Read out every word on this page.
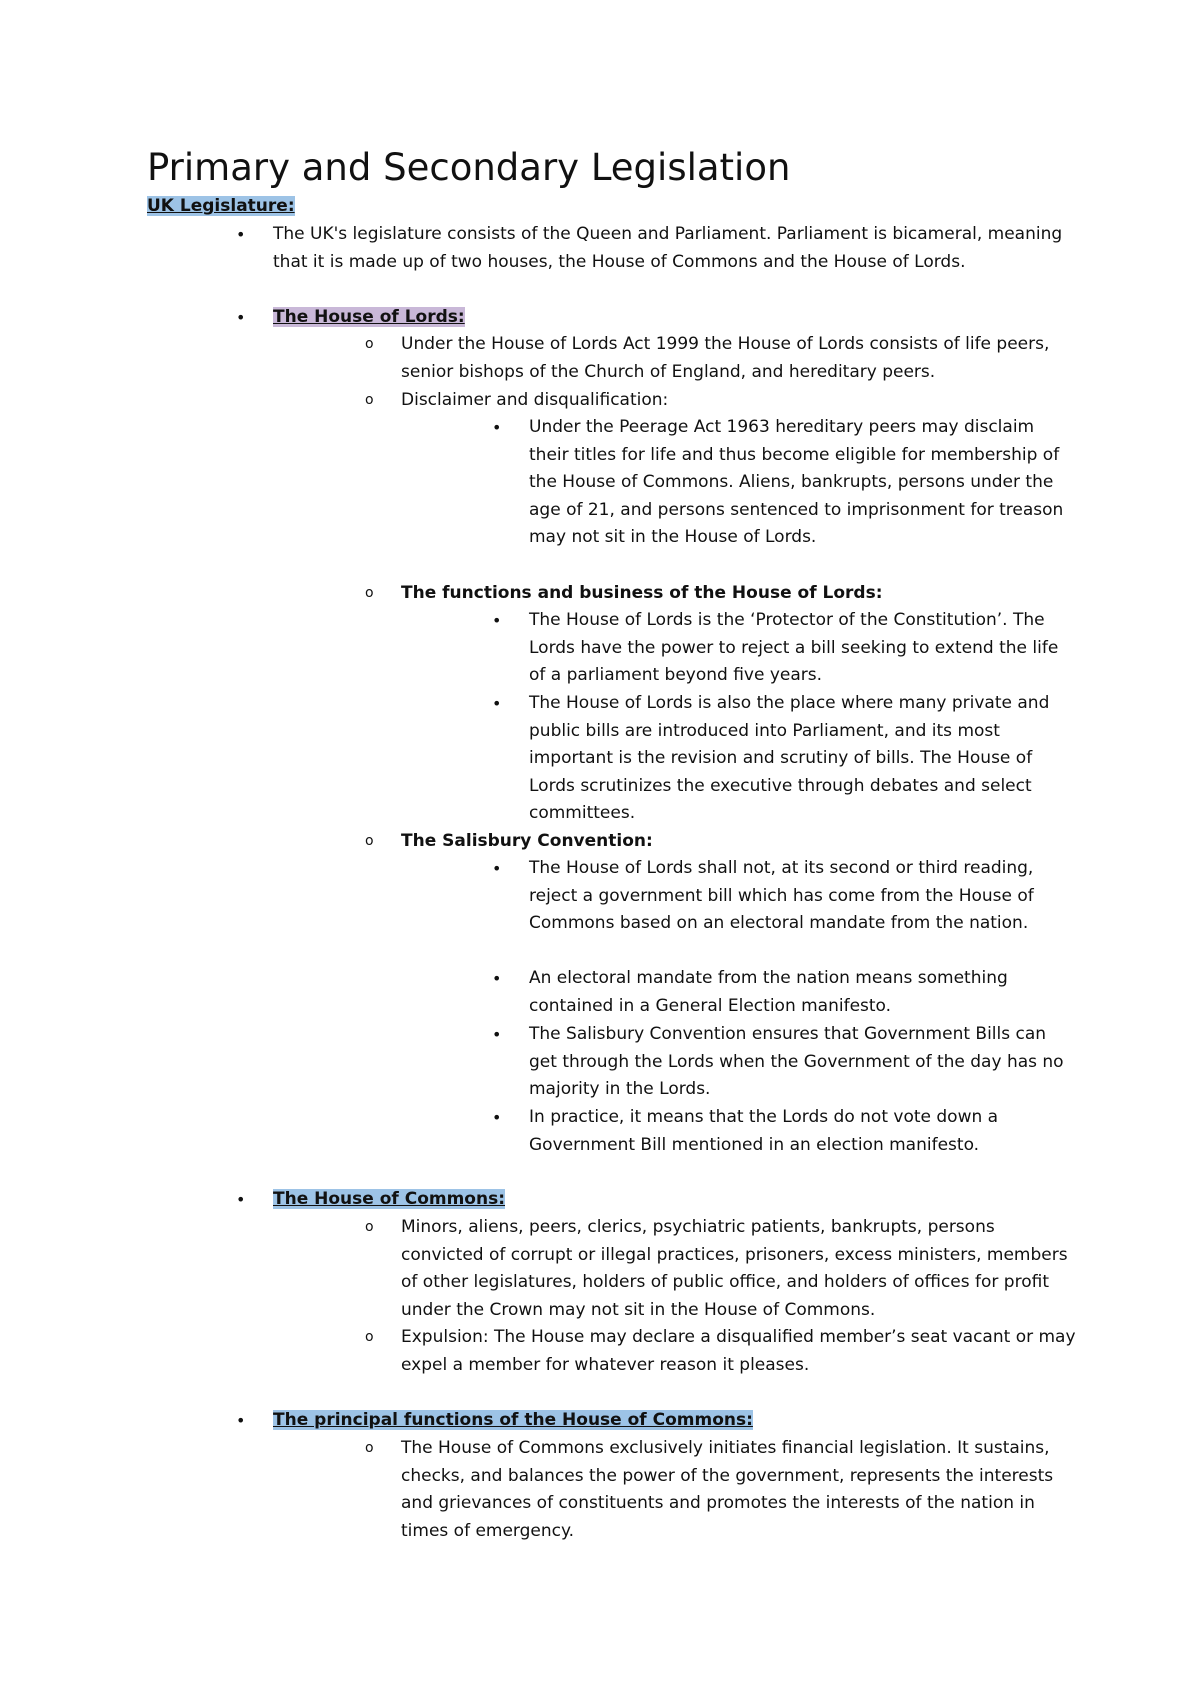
Primary and Secondary Legislation
UK Legislature:
• The UK's legislature consists of the Queen and Parliament. Parliament is bicameral, meaning that it is made up of two houses, the House of Commons and the House of Lords.
• The House of Lords:
o Under the House of Lords Act 1999 the House of Lords consists of life peers, senior bishops of the Church of England, and hereditary peers.
o Disclaimer and disqualification:
• Under the Peerage Act 1963 hereditary peers may disclaim their titles for life and thus become eligible for membership of the House of Commons. Aliens, bankrupts, persons under the age of 21, and persons sentenced to imprisonment for treason may not sit in the House of Lords.
o The functions and business of the House of Lords:
• The House of Lords is the ‘Protector of the Constitution’. The Lords have the power to reject a bill seeking to extend the life of a parliament beyond five years.
• The House of Lords is also the place where many private and public bills are introduced into Parliament, and its most important is the revision and scrutiny of bills. The House of Lords scrutinizes the executive through debates and select committees.
o The Salisbury Convention:
• The House of Lords shall not, at its second or third reading, reject a government bill which has come from the House of Commons based on an electoral mandate from the nation.
• An electoral mandate from the nation means something contained in a General Election manifesto.
• The Salisbury Convention ensures that Government Bills can get through the Lords when the Government of the day has no majority in the Lords.
• In practice, it means that the Lords do not vote down a Government Bill mentioned in an election manifesto.
• The House of Commons:
o Minors, aliens, peers, clerics, psychiatric patients, bankrupts, persons convicted of corrupt or illegal practices, prisoners, excess ministers, members of other legislatures, holders of public office, and holders of offices for profit under the Crown may not sit in the House of Commons.
o Expulsion: The House may declare a disqualified member’s seat vacant or may expel a member for whatever reason it pleases.
• The principal functions of the House of Commons:
o The House of Commons exclusively initiates financial legislation. It sustains, checks, and balances the power of the government, represents the interests and grievances of constituents and promotes the interests of the nation in times of emergency.
